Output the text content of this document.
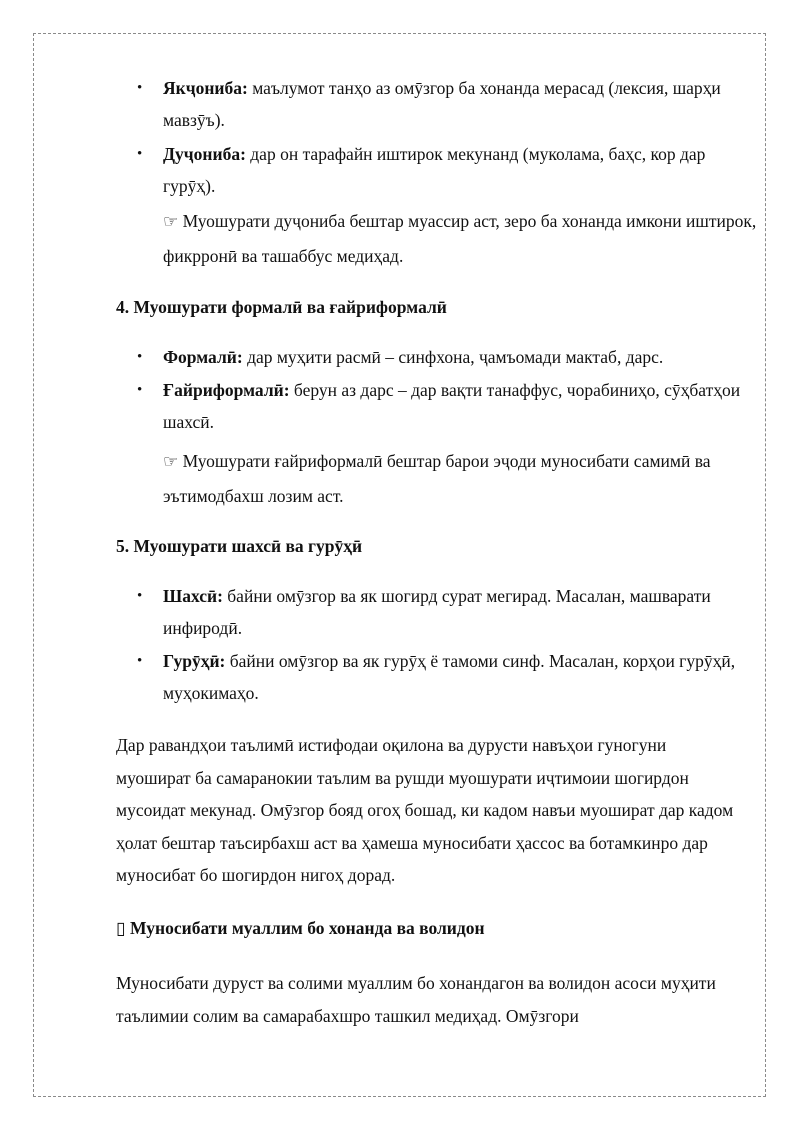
• Якҷониба: маълумот танҳо аз омӯзгор ба хонанда мерасад (лексия, шарҳи мавзӯъ).
• Дуҷониба: дар он тарафайн иштирок мекунанд (муколама, баҳс, кор дар гурӯҳ).
☞ Муошурати дуҷониба бештар муассир аст, зеро ба хонанда имкони иштирок, фикрронӣ ва ташаббус медиҳад.
4. Муошурати формалӣ ва ғайриформалӣ
• Формалӣ: дар муҳити расмӣ – синфхона, ҷамъомади мактаб, дарс.
• Ғайриформалӣ: берун аз дарс – дар вақти танаффус, чорабиниҳо, сӯҳбатҳои шахсӣ.
☞ Муошурати ғайриформалӣ бештар барои эҷоди муносибати самимӣ ва эътимодбахш лозим аст.
5. Муошурати шахсӣ ва гурӯҳӣ
• Шахсӣ: байни омӯзгор ва як шогирд сурат мегирад. Масалан, машварати инфиродӣ.
• Гурӯҳӣ: байни омӯзгор ва як гурӯҳ ё тамоми синф. Масалан, корҳои гурӯҳӣ, муҳокимаҳо.
Дар равандҳои таълимӣ истифодаи оқилона ва дурусти навъҳои гуногуни муошират ба самаранокии таълим ва рушди муошурати иҷтимоии шогирдон мусоидат мекунад. Омӯзгор бояд огоҳ бошад, ки кадом навъи муошират дар кадом ҳолат бештар таъсирбахш аст ва ҳамеша муносибати ҳассос ва ботамкинро дар муносибат бо шогирдон нигоҳ дорад.
▯ Муносибати муаллим бо хонанда ва волидон
Муносибати дуруст ва солими муаллим бо хонандагон ва волидон асоси муҳити таълимии солим ва самарабахшро ташкил медиҳад. Омӯзгори
